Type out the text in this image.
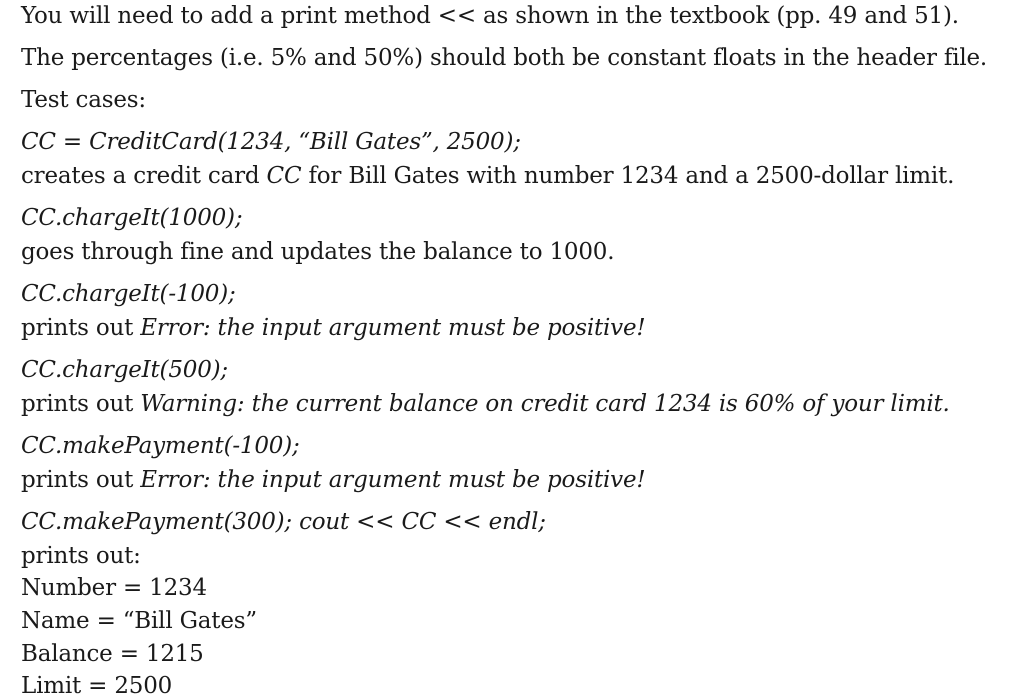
You will need to add a print method << as shown in the textbook (pp. 49 and 51).
The percentages (i.e. 5% and 50%) should both be constant floats in the header file.
Test cases:
CC = CreditCard(1234, “Bill Gates”, 2500);
creates a credit card CC for Bill Gates with number 1234 and a 2500-dollar limit.
CC.chargeIt(1000);
goes through fine and updates the balance to 1000.
CC.chargeIt(-100);
prints out Error: the input argument must be positive!
CC.chargeIt(500);
prints out Warning: the current balance on credit card 1234 is 60% of your limit.
CC.makePayment(-100);
prints out Error: the input argument must be positive!
CC.makePayment(300); cout << CC << endl;
prints out:
Number = 1234
Name = “Bill Gates”
Balance = 1215
Limit = 2500
